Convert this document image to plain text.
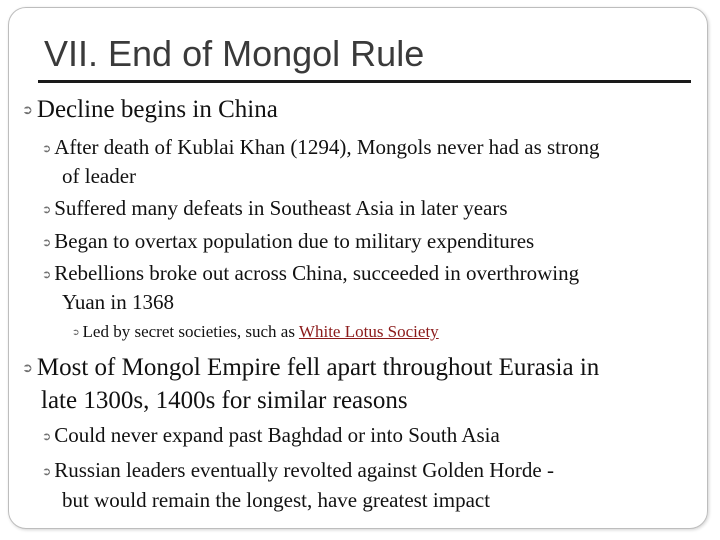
VII. End of Mongol Rule
➲ Decline begins in China
➲ After death of Kublai Khan (1294), Mongols never had as strong
of leader
➲ Suffered many defeats in Southeast Asia in later years
➲ Began to overtax population due to military expenditures
➲ Rebellions broke out across China, succeeded in overthrowing
Yuan in 1368
➲ Led by secret societies, such as White Lotus Society
➲ Most of Mongol Empire fell apart throughout Eurasia in
late 1300s, 1400s for similar reasons
➲ Could never expand past Baghdad or into South Asia
➲ Russian leaders eventually revolted against Golden Horde -
but would remain the longest, have greatest impact
